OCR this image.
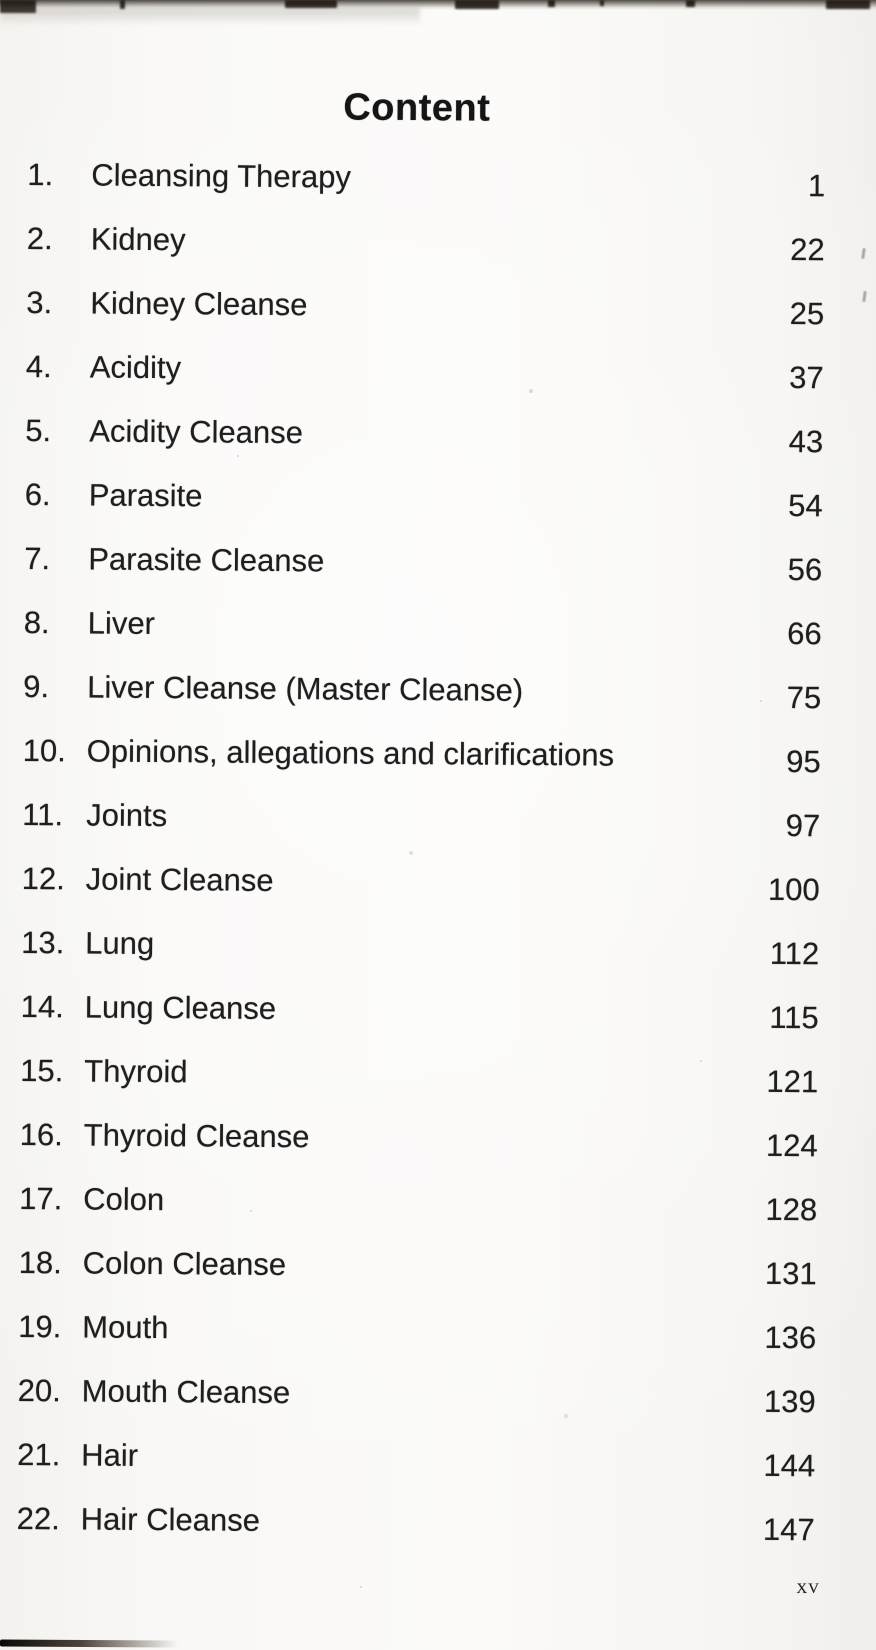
Content
1.	Cleansing Therapy	1
2.	Kidney	22
3.	Kidney Cleanse	25
4.	Acidity	37
5.	Acidity Cleanse	43
6.	Parasite	54
7.	Parasite Cleanse	56
8.	Liver	66
9.	Liver Cleanse (Master Cleanse)	75
10. Opinions, allegations and clarifications	95
11. Joints	97
12. Joint Cleanse	100
13. Lung	112
14. Lung Cleanse	115
15. Thyroid	121
16. Thyroid Cleanse	124
17. Colon	128
18. Colon Cleanse	131
19. Mouth	136
20. Mouth Cleanse	139
21. Hair	144
22. Hair Cleanse	147
xv
